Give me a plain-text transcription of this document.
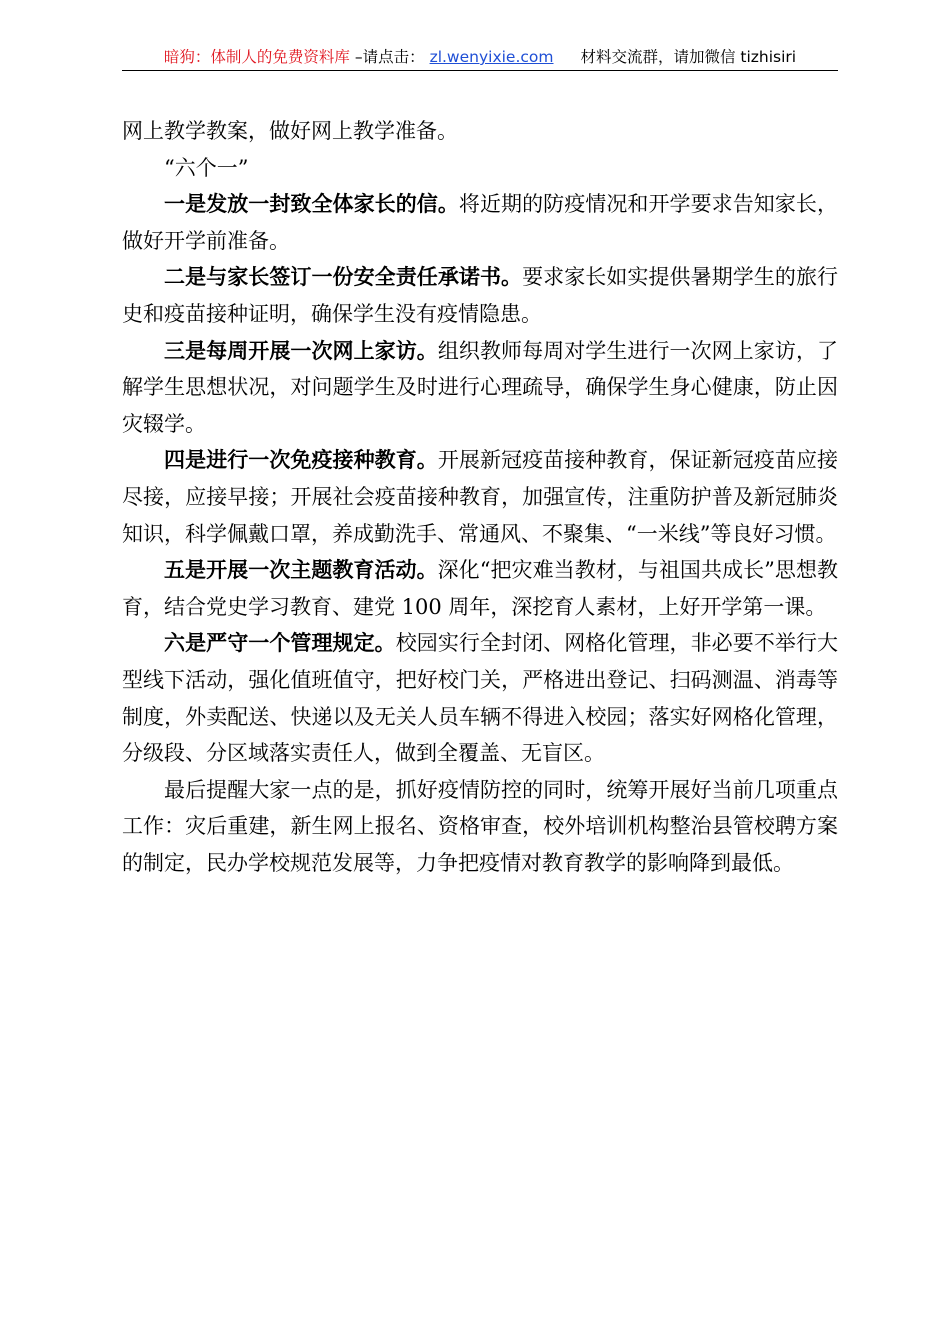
暗狗：体制人的免费资料库 –请点击： zl.wenyixie.com 材料交流群，请加微信 tizhisiri

网上教学教案，做好网上教学准备。

“六个一”

一是发放一封致全体家长的信。将近期的防疫情况和开学要求告知家长，做好开学前准备。

二是与家长签订一份安全责任承诺书。要求家长如实提供暑期学生的旅行史和疫苗接种证明，确保学生没有疫情隐患。

三是每周开展一次网上家访。组织教师每周对学生进行一次网上家访，了解学生思想状况，对问题学生及时进行心理疏导，确保学生身心健康，防止因灾辍学。

四是进行一次免疫接种教育。开展新冠疫苗接种教育，保证新冠疫苗应接尽接，应接早接；开展社会疫苗接种教育，加强宣传，注重防护普及新冠肺炎知识，科学佩戴口罩，养成勤洗手、常通风、不聚集、“一米线”等良好习惯。

五是开展一次主题教育活动。深化“把灾难当教材，与祖国共成长”思想教育，结合党史学习教育、建党 100 周年，深挖育人素材，上好开学第一课。

六是严守一个管理规定。校园实行全封闭、网格化管理，非必要不举行大型线下活动，强化值班值守，把好校门关，严格进出登记、扫码测温、消毒等制度，外卖配送、快递以及无关人员车辆不得进入校园；落实好网格化管理，分级段、分区域落实责任人，做到全覆盖、无盲区。

最后提醒大家一点的是，抓好疫情防控的同时，统筹开展好当前几项重点工作：灾后重建，新生网上报名、资格审查，校外培训机构整治县管校聘方案的制定，民办学校规范发展等，力争把疫情对教育教学的影响降到最低。
